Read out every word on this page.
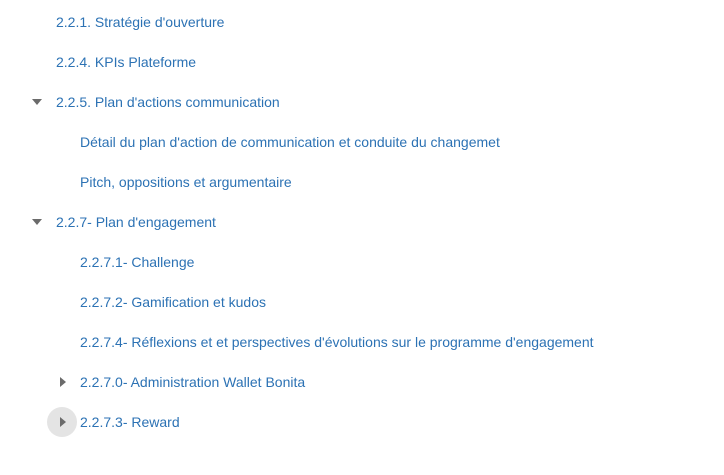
2.2.1. Stratégie d'ouverture
2.2.4. KPIs Plateforme
2.2.5. Plan d'actions communication
Détail du plan d'action de communication et conduite du changemet
Pitch, oppositions et argumentaire
2.2.7- Plan d'engagement
2.2.7.1- Challenge
2.2.7.2- Gamification et kudos
2.2.7.4- Réflexions et et perspectives d'évolutions sur le programme d'engagement
2.2.7.0- Administration Wallet Bonita
2.2.7.3- Reward
